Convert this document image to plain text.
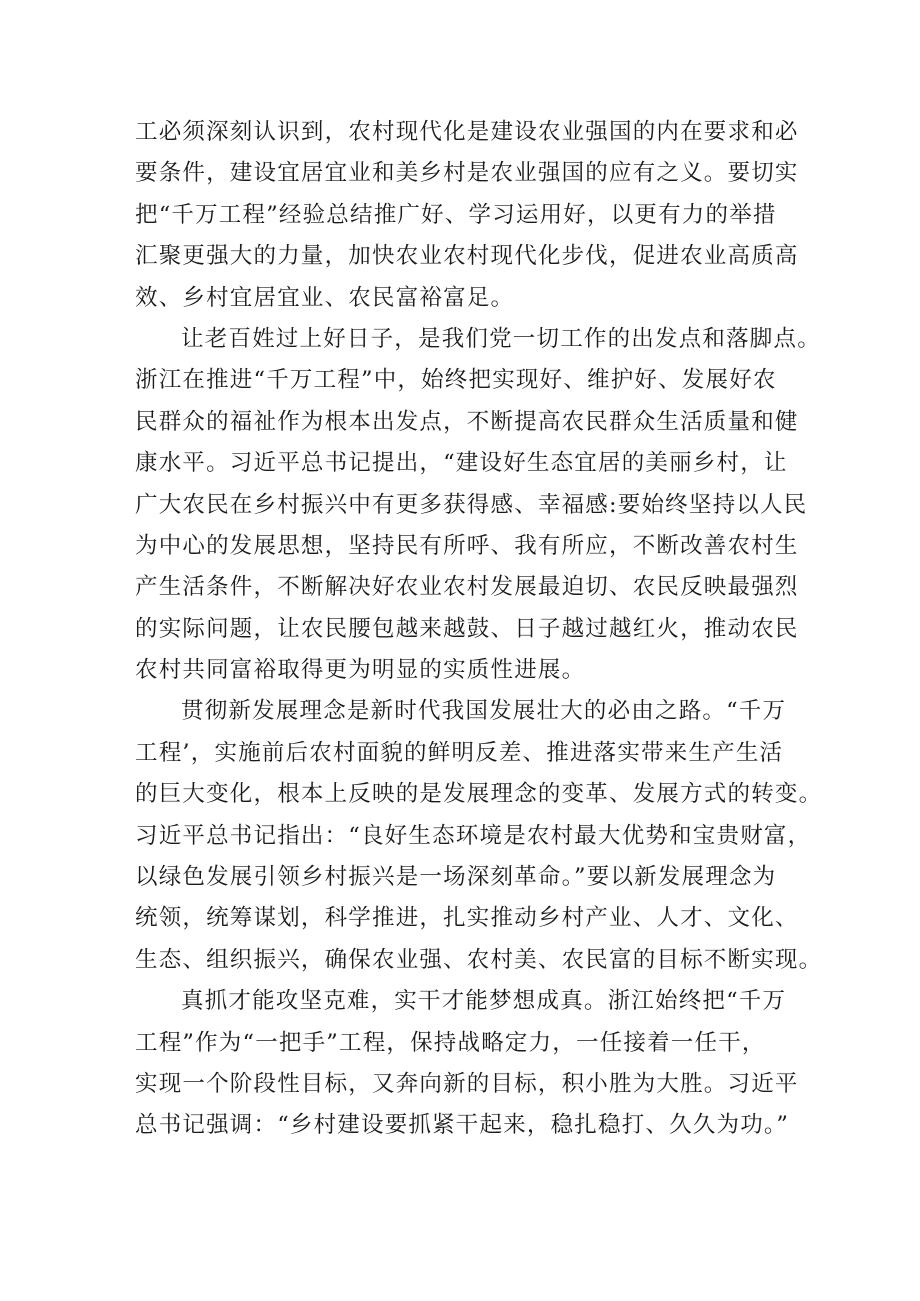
工必须深刻认识到，农村现代化是建设农业强国的内在要求和必
要条件，建设宜居宜业和美乡村是农业强国的应有之义。要切实
把“千万工程”经验总结推广好、学习运用好，以更有力的举措
汇聚更强大的力量，加快农业农村现代化步伐，促进农业高质高
效、乡村宜居宜业、农民富裕富足。
让老百姓过上好日子，是我们党一切工作的出发点和落脚点。
浙江在推进“千万工程”中，始终把实现好、维护好、发展好农
民群众的福祉作为根本出发点，不断提高农民群众生活质量和健
康水平。习近平总书记提出，“建设好生态宜居的美丽乡村，让
广大农民在乡村振兴中有更多获得感、幸福感:要始终坚持以人民
为中心的发展思想，坚持民有所呼、我有所应，不断改善农村生
产生活条件，不断解决好农业农村发展最迫切、农民反映最强烈
的实际问题，让农民腰包越来越鼓、日子越过越红火，推动农民
农村共同富裕取得更为明显的实质性进展。
贯彻新发展理念是新时代我国发展壮大的必由之路。“千万
工程’，实施前后农村面貌的鲜明反差、推进落实带来生产生活
的巨大变化，根本上反映的是发展理念的变革、发展方式的转变。
习近平总书记指出：“良好生态环境是农村最大优势和宝贵财富，
以绿色发展引领乡村振兴是一场深刻革命。”要以新发展理念为
统领，统筹谋划，科学推进，扎实推动乡村产业、人才、文化、
生态、组织振兴，确保农业强、农村美、农民富的目标不断实现。
真抓才能攻坚克难，实干才能梦想成真。浙江始终把“千万
工程”作为“一把手”工程，保持战略定力，一任接着一任干，
实现一个阶段性目标，又奔向新的目标，积小胜为大胜。习近平
总书记强调：“乡村建设要抓紧干起来，稳扎稳打、久久为功。”
